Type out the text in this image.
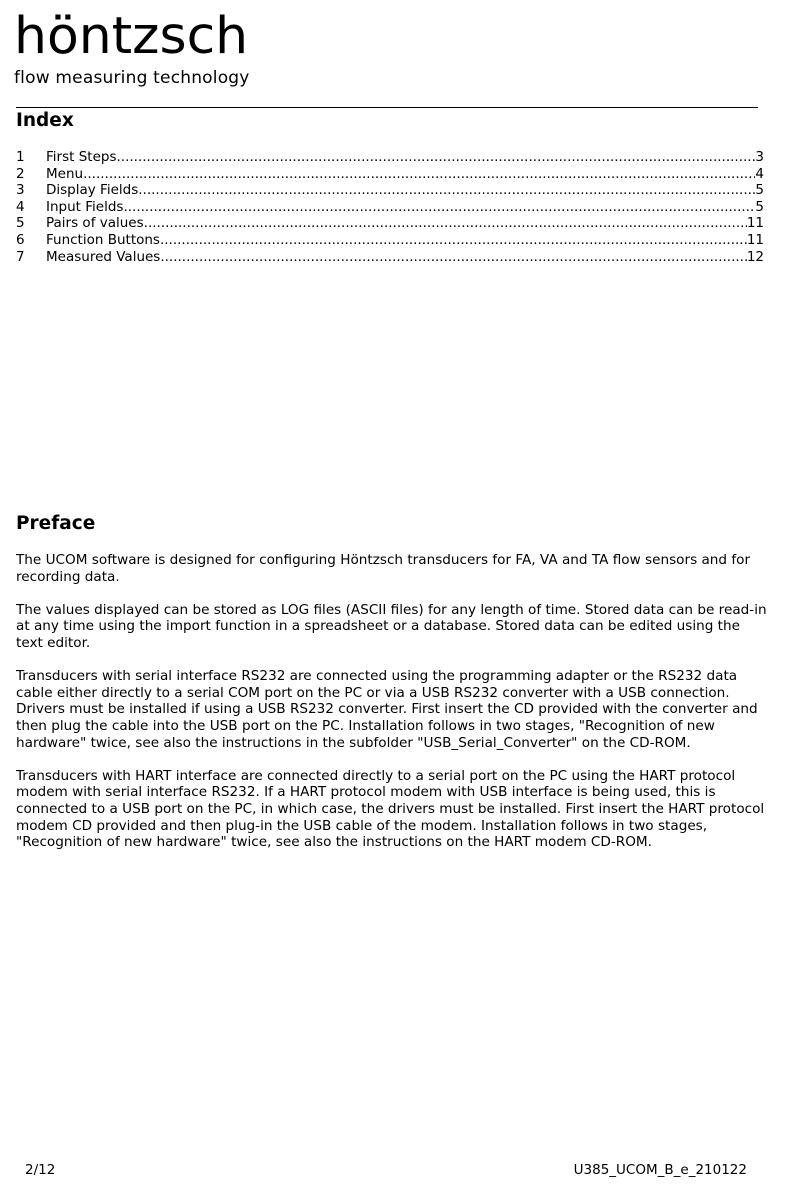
höntzsch
flow measuring technology
Index
1	First Steps .....	3
2	Menu .....	4
3	Display Fields .....	5
4	Input Fields .....	5
5	Pairs of values .....	11
6	Function Buttons .....	11
7	Measured Values .....	12
Preface

The UCOM software is designed for configuring Höntzsch transducers for FA, VA and TA flow sensors and for recording data.

The values displayed can be stored as LOG files (ASCII files) for any length of time. Stored data can be read-in at any time using the import function in a spreadsheet or a database. Stored data can be edited using the text editor.

Transducers with serial interface RS232 are connected using the programming adapter or the RS232 data cable either directly to a serial COM port on the PC or via a USB RS232 converter with a USB connection. Drivers must be installed if using a USB RS232 converter. First insert the CD provided with the converter and then plug the cable into the USB port on the PC. Installation follows in two stages, "Recognition of new hardware" twice, see also the instructions in the subfolder "USB_Serial_Converter" on the CD-ROM.

Transducers with HART interface are connected directly to a serial port on the PC using the HART protocol modem with serial interface RS232. If a HART protocol modem with USB interface is being used, this is connected to a USB port on the PC, in which case, the drivers must be installed. First insert the HART protocol modem CD provided and then plug-in the USB cable of the modem. Installation follows in two stages, "Recognition of new hardware" twice, see also the instructions on the HART modem CD-ROM.

2/12	U385_UCOM_B_e_210122
